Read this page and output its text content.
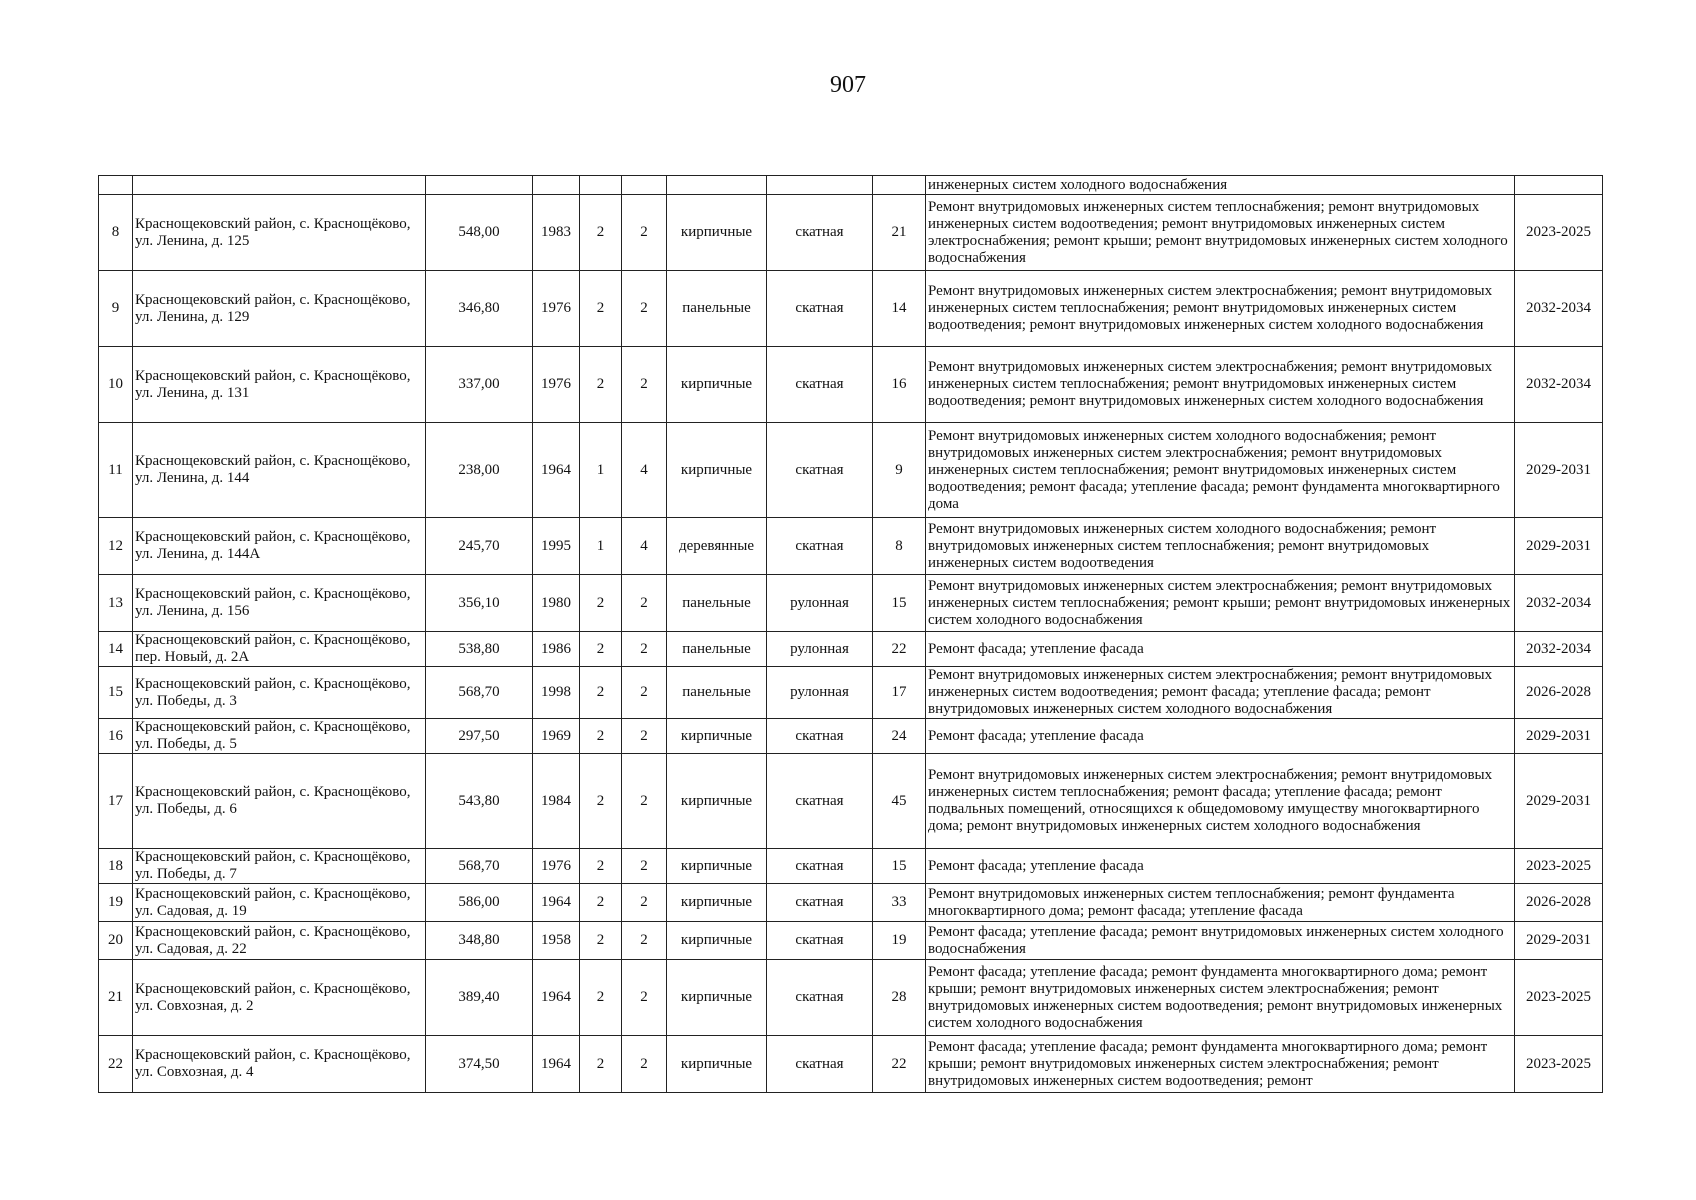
907
									инженерных систем холодного водоснабжения	
8	Краснощековский район, с. Краснощёково, ул. Ленина, д. 125	548,00	1983	2	2	кирпичные	скатная	21	Ремонт внутридомовых инженерных систем теплоснабжения; ремонт внутридомовых инженерных систем водоотведения; ремонт внутридомовых инженерных систем электроснабжения; ремонт крыши; ремонт внутридомовых инженерных систем холодного водоснабжения	2023-2025
9	Краснощековский район, с. Краснощёково, ул. Ленина, д. 129	346,80	1976	2	2	панельные	скатная	14	Ремонт внутридомовых инженерных систем электроснабжения; ремонт внутридомовых инженерных систем теплоснабжения; ремонт внутридомовых инженерных систем водоотведения; ремонт внутридомовых инженерных систем холодного водоснабжения	2032-2034
10	Краснощековский район, с. Краснощёково, ул. Ленина, д. 131	337,00	1976	2	2	кирпичные	скатная	16	Ремонт внутридомовых инженерных систем электроснабжения; ремонт внутридомовых инженерных систем теплоснабжения; ремонт внутридомовых инженерных систем водоотведения; ремонт внутридомовых инженерных систем холодного водоснабжения	2032-2034
11	Краснощековский район, с. Краснощёково, ул. Ленина, д. 144	238,00	1964	1	4	кирпичные	скатная	9	Ремонт внутридомовых инженерных систем холодного водоснабжения; ремонт внутридомовых инженерных систем электроснабжения; ремонт внутридомовых инженерных систем теплоснабжения; ремонт внутридомовых инженерных систем водоотведения; ремонт фасада; утепление фасада; ремонт фундамента многоквартирного дома	2029-2031
12	Краснощековский район, с. Краснощёково, ул. Ленина, д. 144А	245,70	1995	1	4	деревянные	скатная	8	Ремонт внутридомовых инженерных систем холодного водоснабжения; ремонт внутридомовых инженерных систем теплоснабжения; ремонт внутридомовых инженерных систем водоотведения	2029-2031
13	Краснощековский район, с. Краснощёково, ул. Ленина, д. 156	356,10	1980	2	2	панельные	рулонная	15	Ремонт внутридомовых инженерных систем электроснабжения; ремонт внутридомовых инженерных систем теплоснабжения; ремонт крыши; ремонт внутридомовых инженерных систем холодного водоснабжения	2032-2034
14	Краснощековский район, с. Краснощёково, пер. Новый, д. 2А	538,80	1986	2	2	панельные	рулонная	22	Ремонт фасада; утепление фасада	2032-2034
15	Краснощековский район, с. Краснощёково, ул. Победы, д. 3	568,70	1998	2	2	панельные	рулонная	17	Ремонт внутридомовых инженерных систем электроснабжения; ремонт внутридомовых инженерных систем водоотведения; ремонт фасада; утепление фасада; ремонт внутридомовых инженерных систем холодного водоснабжения	2026-2028
16	Краснощековский район, с. Краснощёково, ул. Победы, д. 5	297,50	1969	2	2	кирпичные	скатная	24	Ремонт фасада; утепление фасада	2029-2031
17	Краснощековский район, с. Краснощёково, ул. Победы, д. 6	543,80	1984	2	2	кирпичные	скатная	45	Ремонт внутридомовых инженерных систем электроснабжения; ремонт внутридомовых инженерных систем теплоснабжения; ремонт фасада; утепление фасада; ремонт подвальных помещений, относящихся к общедомовому имуществу многоквартирного дома; ремонт внутридомовых инженерных систем холодного водоснабжения	2029-2031
18	Краснощековский район, с. Краснощёково, ул. Победы, д. 7	568,70	1976	2	2	кирпичные	скатная	15	Ремонт фасада; утепление фасада	2023-2025
19	Краснощековский район, с. Краснощёково, ул. Садовая, д. 19	586,00	1964	2	2	кирпичные	скатная	33	Ремонт внутридомовых инженерных систем теплоснабжения; ремонт фундамента многоквартирного дома; ремонт фасада; утепление фасада	2026-2028
20	Краснощековский район, с. Краснощёково, ул. Садовая, д. 22	348,80	1958	2	2	кирпичные	скатная	19	Ремонт фасада; утепление фасада; ремонт внутридомовых инженерных систем холодного водоснабжения	2029-2031
21	Краснощековский район, с. Краснощёково, ул. Совхозная, д. 2	389,40	1964	2	2	кирпичные	скатная	28	Ремонт фасада; утепление фасада; ремонт фундамента многоквартирного дома; ремонт крыши; ремонт внутридомовых инженерных систем электроснабжения; ремонт внутридомовых инженерных систем водоотведения; ремонт внутридомовых инженерных систем холодного водоснабжения	2023-2025
22	Краснощековский район, с. Краснощёково, ул. Совхозная, д. 4	374,50	1964	2	2	кирпичные	скатная	22	Ремонт фасада; утепление фасада; ремонт фундамента многоквартирного дома; ремонт крыши; ремонт внутридомовых инженерных систем электроснабжения; ремонт внутридомовых инженерных систем водоотведения; ремонт	2023-2025
